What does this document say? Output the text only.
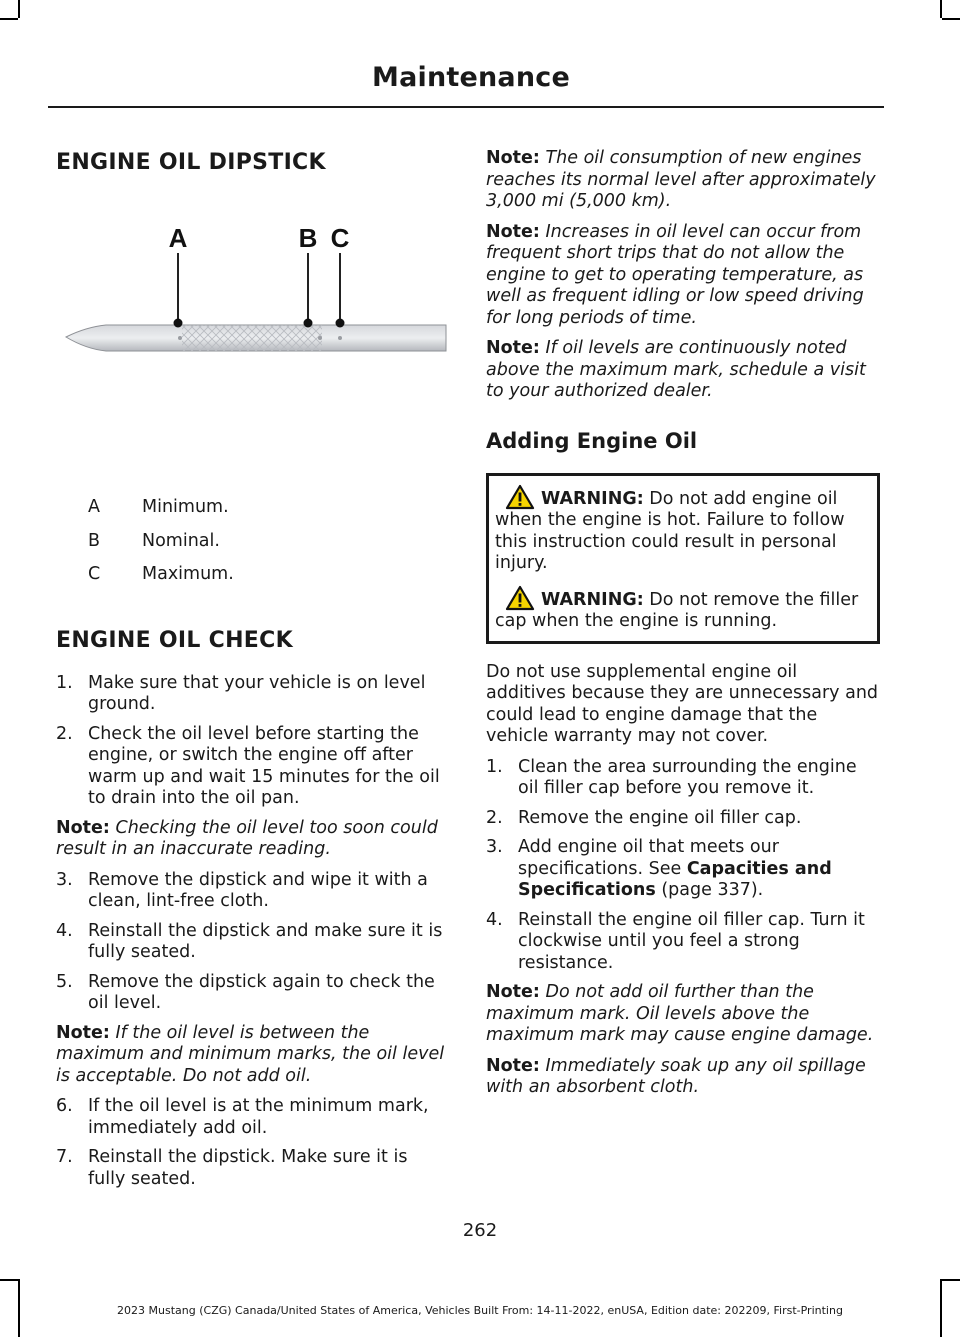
Maintenance
ENGINE OIL DIPSTICK
A	B C
A	Minimum.
B	Nominal.
C	Maximum.
ENGINE OIL CHECK
1. Make sure that your vehicle is on level ground.
2. Check the oil level before starting the engine, or switch the engine off after warm up and wait 15 minutes for the oil to drain into the oil pan.

Note: Checking the oil level too soon could result in an inaccurate reading.

3. Remove the dipstick and wipe it with a clean, lint-free cloth.
4. Reinstall the dipstick and make sure it is fully seated.
5. Remove the dipstick again to check the oil level.

Note: If the oil level is between the maximum and minimum marks, the oil level is acceptable. Do not add oil.

6. If the oil level is at the minimum mark, immediately add oil.
7. Reinstall the dipstick. Make sure it is fully seated.

Note: The oil consumption of new engines reaches its normal level after approximately 3,000 mi (5,000 km).

Note: Increases in oil level can occur from frequent short trips that do not allow the engine to get to operating temperature, as well as frequent idling or low speed driving for long periods of time.

Note: If oil levels are continuously noted above the maximum mark, schedule a visit to your authorized dealer.

Adding Engine Oil
WARNING: Do not add engine oil when the engine is hot. Failure to follow this instruction could result in personal injury.
WARNING: Do not remove the filler cap when the engine is running.

Do not use supplemental engine oil additives because they are unnecessary and could lead to engine damage that the vehicle warranty may not cover.

1. Clean the area surrounding the engine oil filler cap before you remove it.
2. Remove the engine oil filler cap.
3. Add engine oil that meets our specifications. See Capacities and Specifications (page 337).
4. Reinstall the engine oil filler cap. Turn it clockwise until you feel a strong resistance.

Note: Do not add oil further than the maximum mark. Oil levels above the maximum mark may cause engine damage.

Note: Immediately soak up any oil spillage with an absorbent cloth.

262
2023 Mustang (CZG) Canada/United States of America, Vehicles Built From: 14-11-2022, enUSA, Edition date: 202209, First-Printing
